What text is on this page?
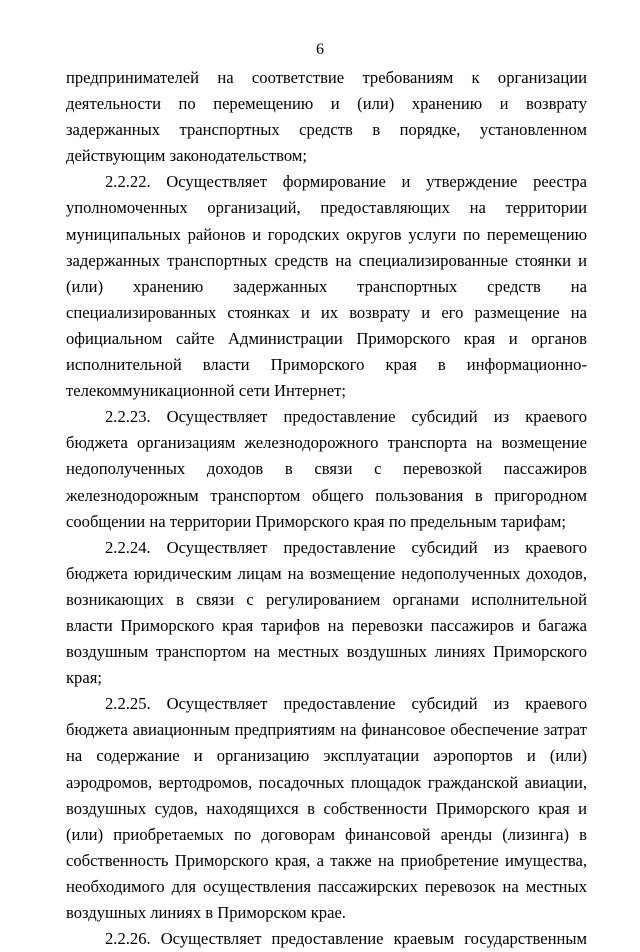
6

предпринимателей на соответствие требованиям к организации деятельности по перемещению и (или) хранению и возврату задержанных транспортных средств в порядке, установленном действующим законодательством;

2.2.22. Осуществляет формирование и утверждение реестра уполномоченных организаций, предоставляющих на территории муниципальных районов и городских округов услуги по перемещению задержанных транспортных средств на специализированные стоянки и (или) хранению задержанных транспортных средств на специализированных стоянках и их возврату и его размещение на официальном сайте Администрации Приморского края и органов исполнительной власти Приморского края в информационно-телекоммуникационной сети Интернет;

2.2.23. Осуществляет предоставление субсидий из краевого бюджета организациям железнодорожного транспорта на возмещение недополученных доходов в связи с перевозкой пассажиров железнодорожным транспортом общего пользования в пригородном сообщении на территории Приморского края по предельным тарифам;

2.2.24. Осуществляет предоставление субсидий из краевого бюджета юридическим лицам на возмещение недополученных доходов, возникающих в связи с регулированием органами исполнительной власти Приморского края тарифов на перевозки пассажиров и багажа воздушным транспортом на местных воздушных линиях Приморского края;

2.2.25. Осуществляет предоставление субсидий из краевого бюджета авиационным предприятиям на финансовое обеспечение затрат на содержание и организацию эксплуатации аэропортов и (или) аэродромов, вертодромов, посадочных площадок гражданской авиации, воздушных судов, находящихся в собственности Приморского края и (или) приобретаемых по договорам финансовой аренды (лизинга) в собственность Приморского края, а также на приобретение имущества, необходимого для осуществления пассажирских перевозок на местных воздушных линиях в Приморском крае.

2.2.26. Осуществляет предоставление краевым государственным
